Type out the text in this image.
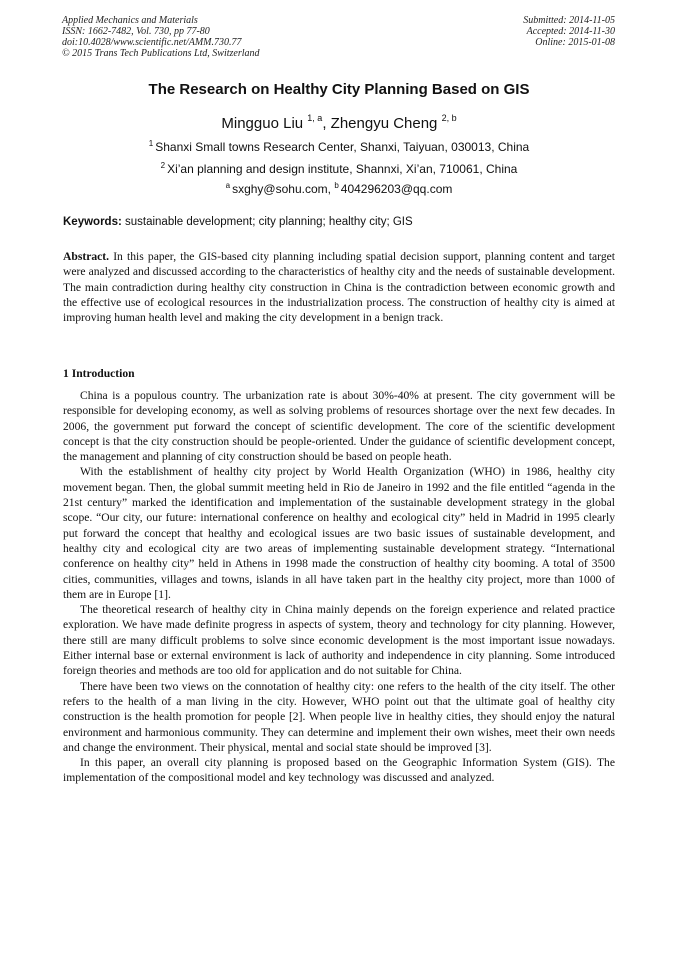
Applied Mechanics and Materials
ISSN: 1662-7482, Vol. 730, pp 77-80
doi:10.4028/www.scientific.net/AMM.730.77
© 2015 Trans Tech Publications Ltd, Switzerland
Submitted: 2014-11-05
Accepted: 2014-11-30
Online: 2015-01-08
The Research on Healthy City Planning Based on GIS
Mingguo Liu $^{1, a}$, Zhengyu Cheng $^{2, b}$
$^1$ Shanxi Small towns Research Center, Shanxi, Taiyuan, 030013, China
$^2$ Xi’an planning and design institute, Shannxi, Xi’an, 710061, China
$^a$ sxghy@sohu.com, $^b$ 404296203@qq.com
Keywords: sustainable development; city planning; healthy city; GIS

Abstract. In this paper, the GIS-based city planning including spatial decision support, planning content and target were analyzed and discussed according to the characteristics of healthy city and the needs of sustainable development. The main contradiction during healthy city construction in China is the contradiction between economic growth and the effective use of ecological resources in the industrialization process. The construction of healthy city is aimed at improving human health level and making the city development in a benign track.

1 Introduction

China is a populous country. The urbanization rate is about 30%-40% at present. The city government will be responsible for developing economy, as well as solving problems of resources shortage over the next few decades. In 2006, the government put forward the concept of scientific development. The core of the scientific development concept is that the city construction should be people-oriented. Under the guidance of scientific development concept, the management and planning of city construction should be based on people heath.

With the establishment of healthy city project by World Health Organization (WHO) in 1986, healthy city movement began. Then, the global summit meeting held in Rio de Janeiro in 1992 and the file entitled “agenda in the 21st century” marked the identification and implementation of the sustainable development strategy in the global scope. “Our city, our future: international conference on healthy and ecological city” held in Madrid in 1995 clearly put forward the concept that healthy and ecological issues are two basic issues of sustainable development, and healthy city and ecological city are two areas of implementing sustainable development strategy. “International conference on healthy city” held in Athens in 1998 made the construction of healthy city booming. A total of 3500 cities, communities, villages and towns, islands in all have taken part in the healthy city project, more than 1000 of them are in Europe [1].

The theoretical research of healthy city in China mainly depends on the foreign experience and related practice exploration. We have made definite progress in aspects of system, theory and technology for city planning. However, there still are many difficult problems to solve since economic development is the most important issue nowadays. Either internal base or external environment is lack of authority and independence in city planning. Some introduced foreign theories and methods are too old for application and do not suitable for China.

There have been two views on the connotation of healthy city: one refers to the health of the city itself. The other refers to the health of a man living in the city. However, WHO point out that the ultimate goal of healthy city construction is the health promotion for people [2]. When people live in healthy cities, they should enjoy the natural environment and harmonious community. They can determine and implement their own wishes, meet their own needs and change the environment. Their physical, mental and social state should be improved [3].

In this paper, an overall city planning is proposed based on the Geographic Information System (GIS). The implementation of the compositional model and key technology was discussed and analyzed.
